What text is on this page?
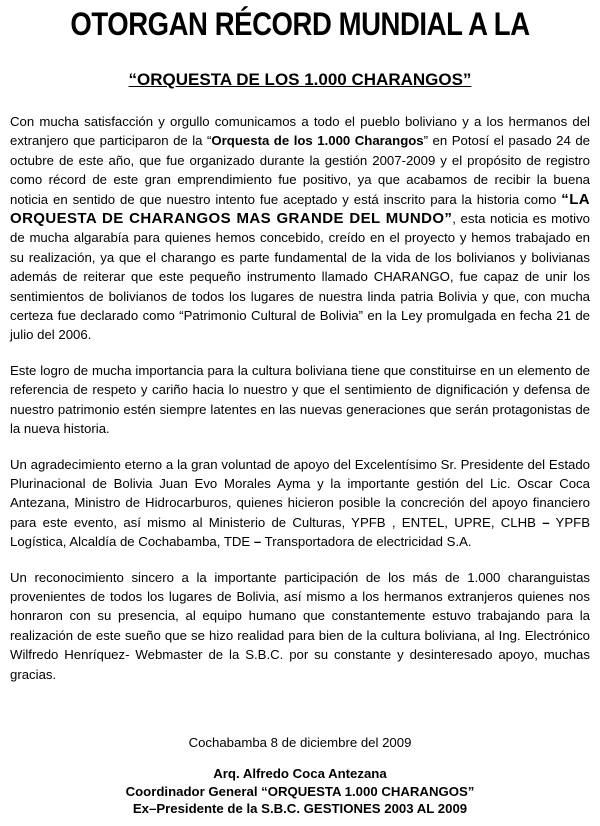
OTORGAN RÉCORD MUNDIAL A LA
“ORQUESTA DE LOS 1.000 CHARANGOS”

Con mucha satisfacción y orgullo comunicamos a todo el pueblo boliviano y a los hermanos del extranjero que participaron de la “Orquesta de los 1.000 Charangos” en Potosí el pasado 24 de octubre de este año, que fue organizado durante la gestión 2007-2009 y el propósito de registro como récord de este gran emprendimiento fue positivo, ya que acabamos de recibir la buena noticia en sentido de que nuestro intento fue aceptado y está inscrito para la historia como “LA ORQUESTA DE CHARANGOS MAS GRANDE DEL MUNDO”, esta noticia es motivo de mucha algarabía para quienes hemos concebido, creído en el proyecto y hemos trabajado en su realización, ya que el charango es parte fundamental de la vida de los bolivianos y bolivianas además de reiterar que este pequeño instrumento llamado CHARANGO, fue capaz de unir los sentimientos de bolivianos de todos los lugares de nuestra linda patria Bolivia y que, con mucha certeza fue declarado como “Patrimonio Cultural de Bolivia” en la Ley promulgada en fecha 21 de julio del 2006.

Este logro de mucha importancia para la cultura boliviana tiene que constituirse en un elemento de referencia de respeto y cariño hacia lo nuestro y que el sentimiento de dignificación y defensa de nuestro patrimonio estén siempre latentes en las nuevas generaciones que serán protagonistas de la nueva historia.

Un agradecimiento eterno a la gran voluntad de apoyo del Excelentísimo Sr. Presidente del Estado Plurinacional de Bolivia Juan Evo Morales Ayma y la importante gestión del Lic. Oscar Coca Antezana, Ministro de Hidrocarburos, quienes hicieron posible la concreción del apoyo financiero para este evento, así mismo al Ministerio de Culturas, YPFB , ENTEL, UPRE, CLHB – YPFB Logística, Alcaldía de Cochabamba, TDE – Transportadora de electricidad S.A.

Un reconocimiento sincero a la importante participación de los más de 1.000 charanguistas provenientes de todos los lugares de Bolivia, así mismo a los hermanos extranjeros quienes nos honraron con su presencia, al equipo humano que constantemente estuvo trabajando para la realización de este sueño que se hizo realidad para bien de la cultura boliviana, al Ing. Electrónico Wilfredo Henríquez- Webmaster de la S.B.C. por su constante y desinteresado apoyo, muchas gracias.

Cochabamba 8 de diciembre del 2009

Arq. Alfredo Coca Antezana
Coordinador General “ORQUESTA 1.000 CHARANGOS”
Ex–Presidente de la S.B.C. GESTIONES 2003 AL 2009
